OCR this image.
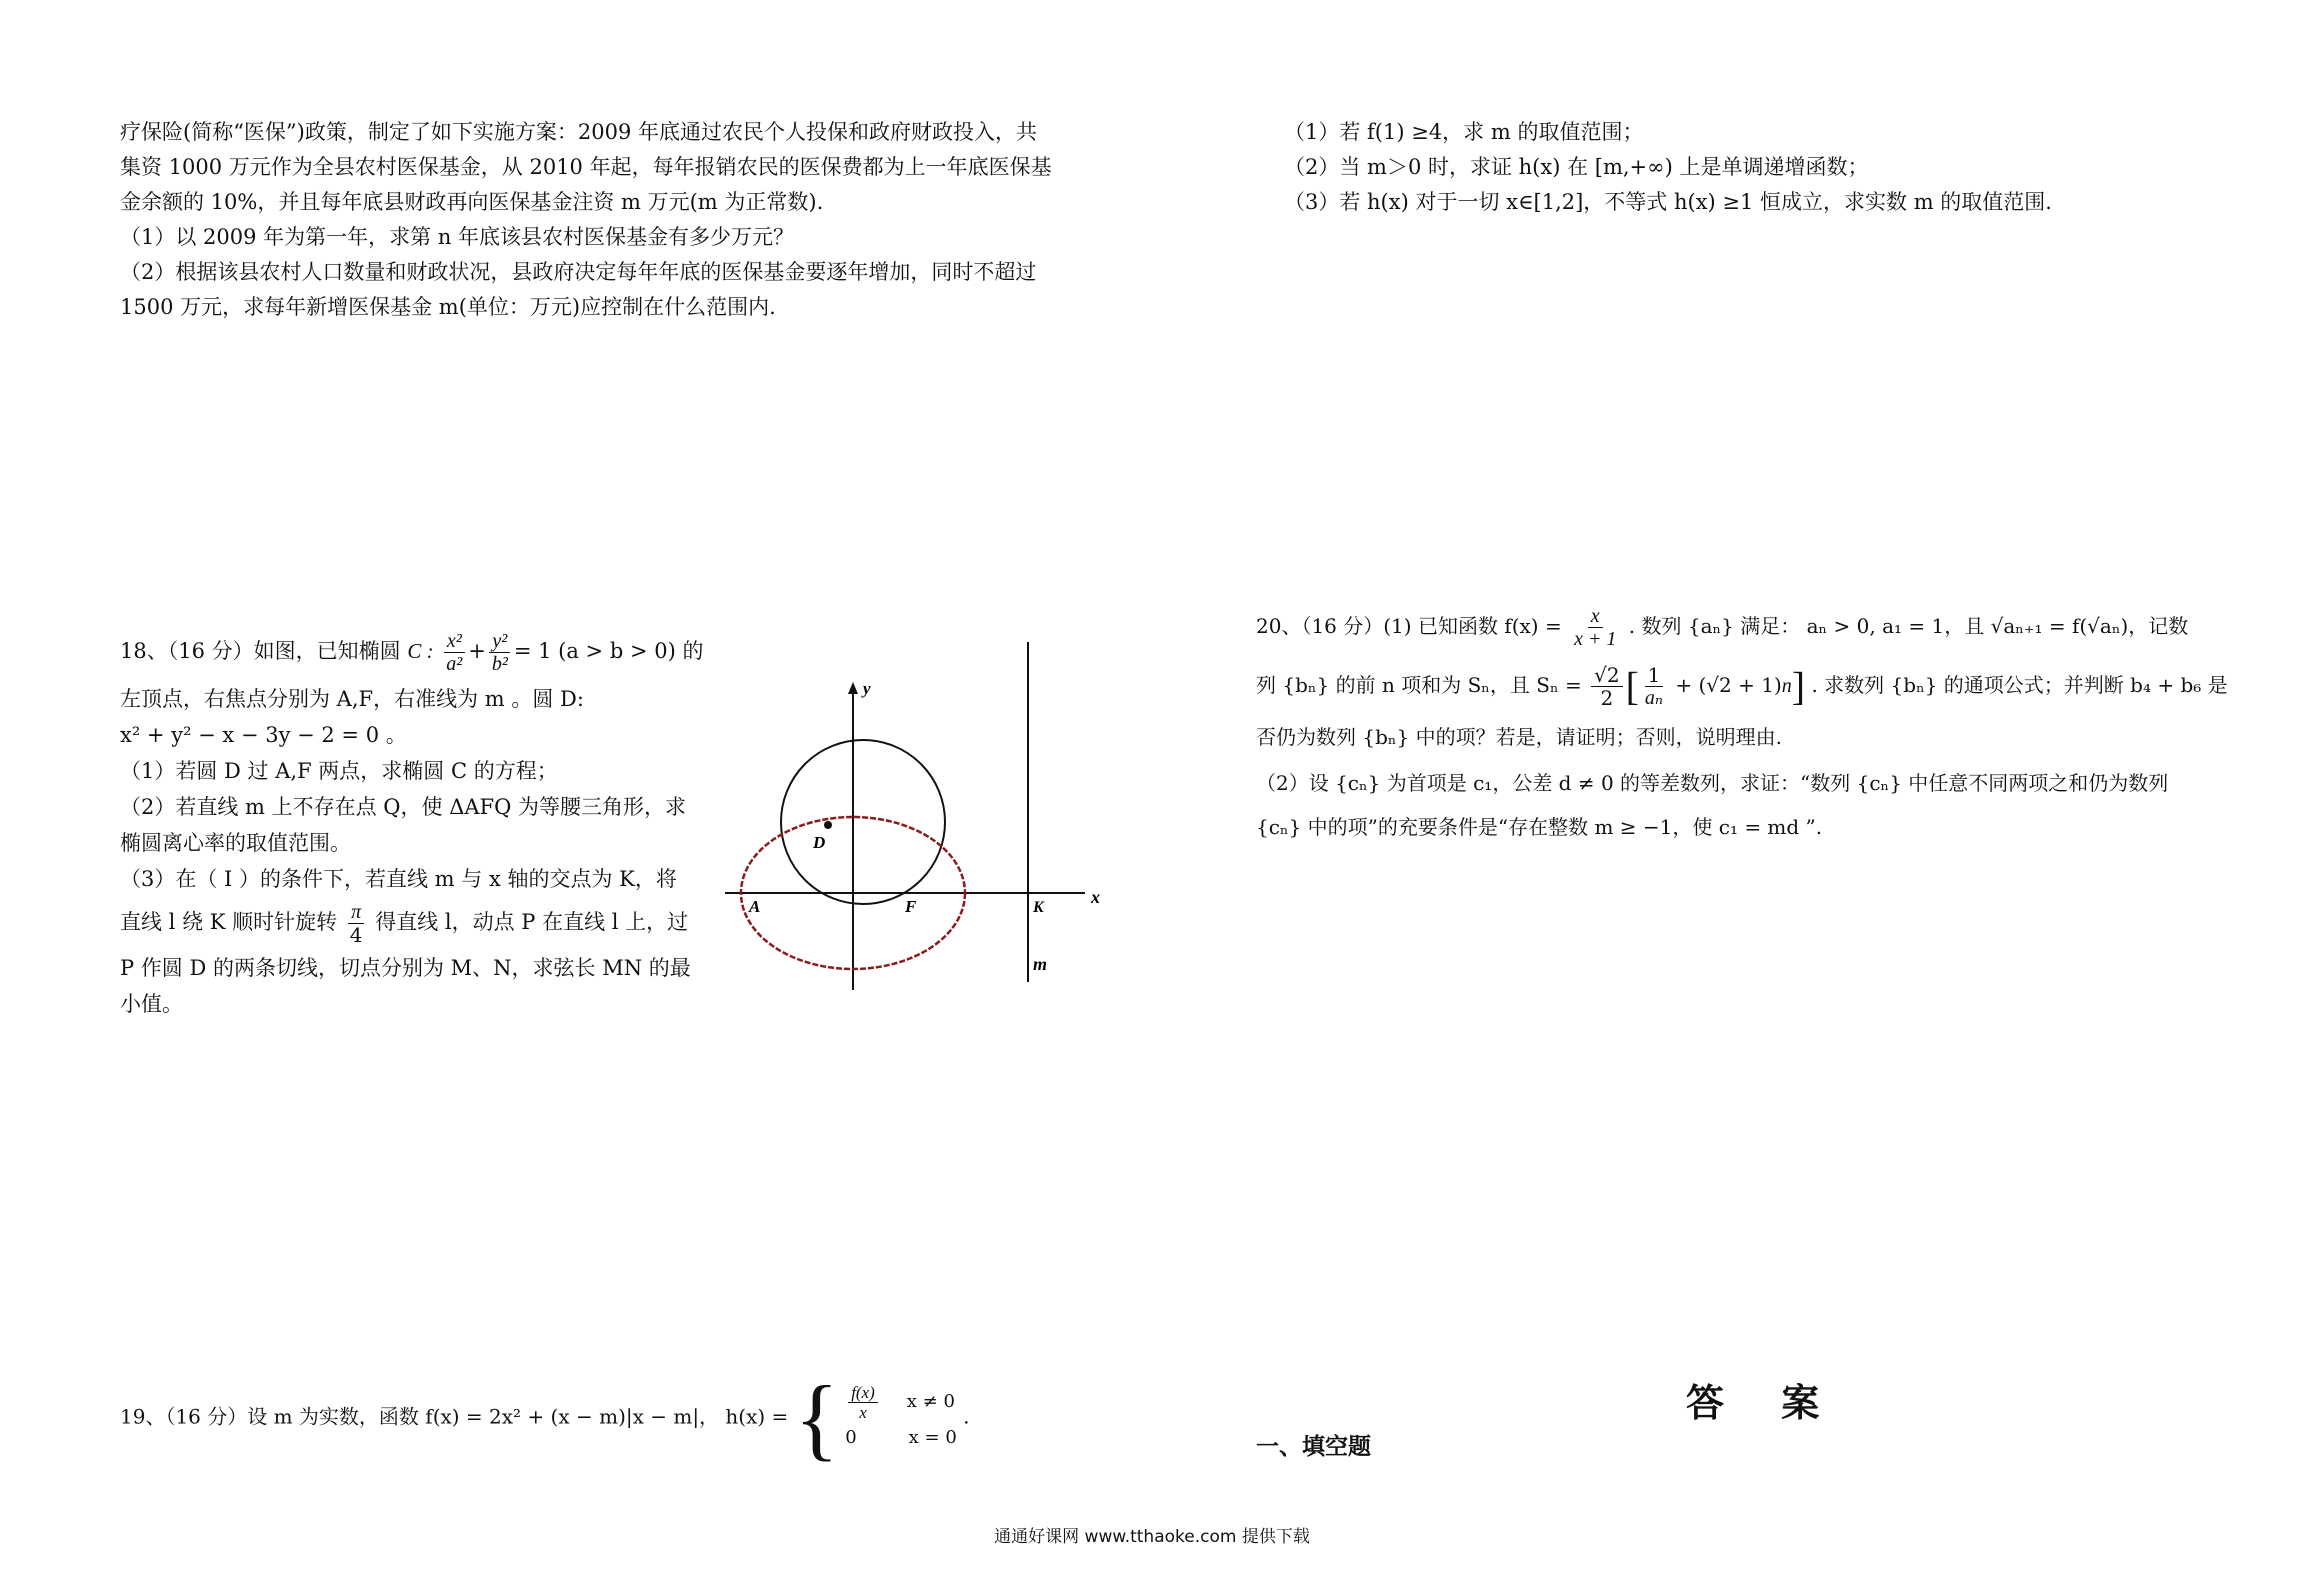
疗保险(简称“医保”)政策，制定了如下实施方案：2009 年底通过农民个人投保和政府财政投入，共

集资 1000 万元作为全县农村医保基金，从 2010 年起，每年报销农民的医保费都为上一年底医保基

金余额的 10%，并且每年底县财政再向医保基金注资 m 万元(m 为正常数).

（1）以 2009 年为第一年，求第 n 年底该县农村医保基金有多少万元？

（2）根据该县农村人口数量和财政状况，县政府决定每年年底的医保基金要逐年增加，同时不超过

1500 万元，求每年新增医保基金 m(单位：万元)应控制在什么范围内.

（1）若 f(1) ≥4，求 m 的取值范围；

（2）当 m＞0 时，求证 h(x) 在 [m,+∞) 上是单调递增函数；

（3）若 h(x) 对于一切 x∈[1,2]，不等式 h(x) ≥1 恒成立，求实数 m 的取值范围.

18、（16 分）如图，已知椭圆 C : $\frac{\text{x²}}{\text{a²}} + \frac{\text{y²}}{\text{b²}} = 1$ (a > b > 0) 的

左顶点，右焦点分别为 A,F，右准线为 m 。圆 D:

x² + y² − x − 3y − 2 = 0 。

（1）若圆 D 过 A,F 两点，求椭圆 C 的方程；

（2）若直线 m 上不存在点 Q，使 ΔAFQ 为等腰三角形，求

椭圆离心率的取值范围。

（3）在（ I ）的条件下，若直线 m 与 x 轴的交点为 K，将

直线 l 绕 K 顺时针旋转 $\frac{\pi}{4}$ 得直线 l，动点 P 在直线 l 上，过

P 作圆 D 的两条切线，切点分别为 M、N，求弦长 MN 的最

小值。

y
x
A	F	K
D
m

20、（16 分）(1) 已知函数 $f(x) = \frac{x}{x + 1}$ . 数列 {aₙ} 满足： aₙ > 0, a₁ = 1，且 √aₙ₊₁ = f(√aₙ)，记数

列 {bₙ} 的前 n 项和为 Sₙ，且 $S_n = \frac{√2}{2}$ [ $\frac{1}{\text{aₙ}} + (√2 + 1)n$] . 求数列 {bₙ} 的通项公式；并判断 b₄ + b₆ 是

否仍为数列 {bₙ} 中的项？若是，请证明；否则，说明理由.

（2）设 {cₙ} 为首项是 c₁，公差 d ≠ 0 的等差数列，求证：“数列 {cₙ} 中任意不同两项之和仍为数列

{cₙ} 中的项”的充要条件是“存在整数 m ≥ −1，使 c₁ = md ”.

19、（16 分）设 m 为实数，函数 f(x) = 2x² + (x − m)|x − m|， h(x) = { $\frac{f(x)}{x}$ x ≠ 0
0	x = 0
.	答 案
一、填空题
通通好课网 www.tthaoke.com 提供下载
